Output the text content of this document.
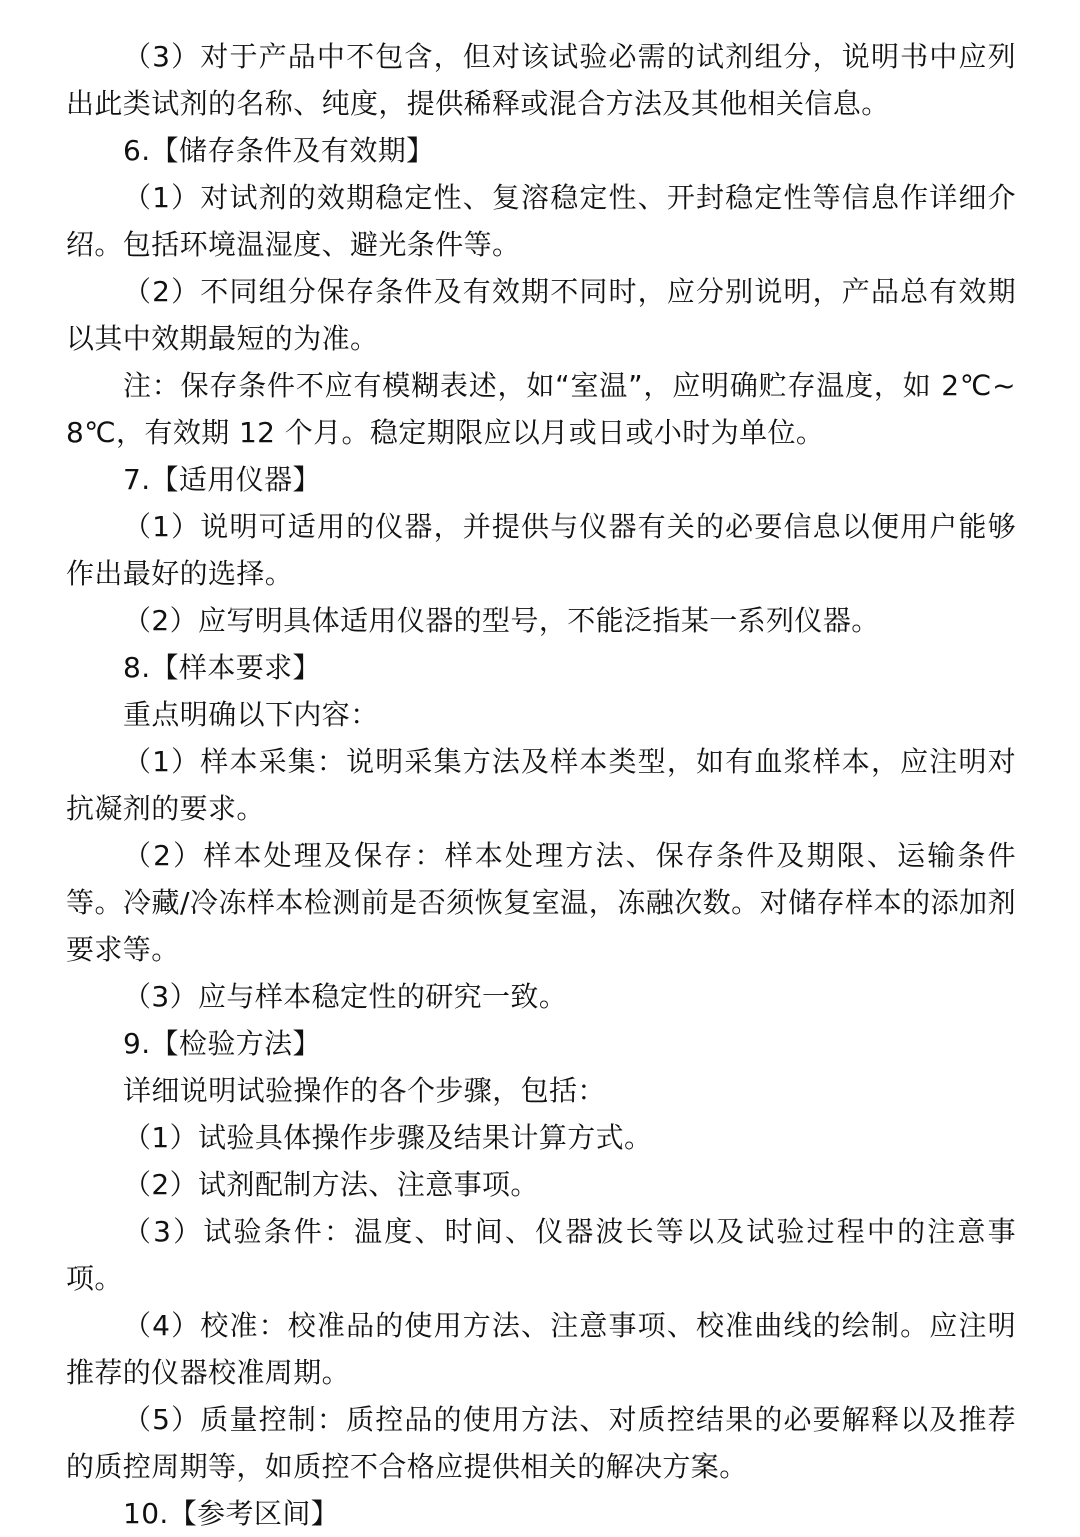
（3）对于产品中不包含，但对该试验必需的试剂组分，说明书中应列出此类试剂的名称、纯度，提供稀释或混合方法及其他相关信息。

6.【储存条件及有效期】

（1）对试剂的效期稳定性、复溶稳定性、开封稳定性等信息作详细介绍。包括环境温湿度、避光条件等。

（2）不同组分保存条件及有效期不同时，应分别说明，产品总有效期以其中效期最短的为准。

注：保存条件不应有模糊表述，如“室温”，应明确贮存温度，如 2℃~8℃，有效期 12 个月。稳定期限应以月或日或小时为单位。

7.【适用仪器】

（1）说明可适用的仪器，并提供与仪器有关的必要信息以便用户能够作出最好的选择。

（2）应写明具体适用仪器的型号，不能泛指某一系列仪器。

8.【样本要求】

重点明确以下内容：

（1）样本采集：说明采集方法及样本类型，如有血浆样本，应注明对抗凝剂的要求。

（2）样本处理及保存：样本处理方法、保存条件及期限、运输条件等。冷藏/冷冻样本检测前是否须恢复室温，冻融次数。对储存样本的添加剂要求等。

（3）应与样本稳定性的研究一致。

9.【检验方法】

详细说明试验操作的各个步骤，包括：

（1）试验具体操作步骤及结果计算方式。

（2）试剂配制方法、注意事项。

（3）试验条件：温度、时间、仪器波长等以及试验过程中的注意事项。

（4）校准：校准品的使用方法、注意事项、校准曲线的绘制。应注明推荐的仪器校准周期。

（5）质量控制：质控品的使用方法、对质控结果的必要解释以及推荐的质控周期等，如质控不合格应提供相关的解决方案。

10.【参考区间】
